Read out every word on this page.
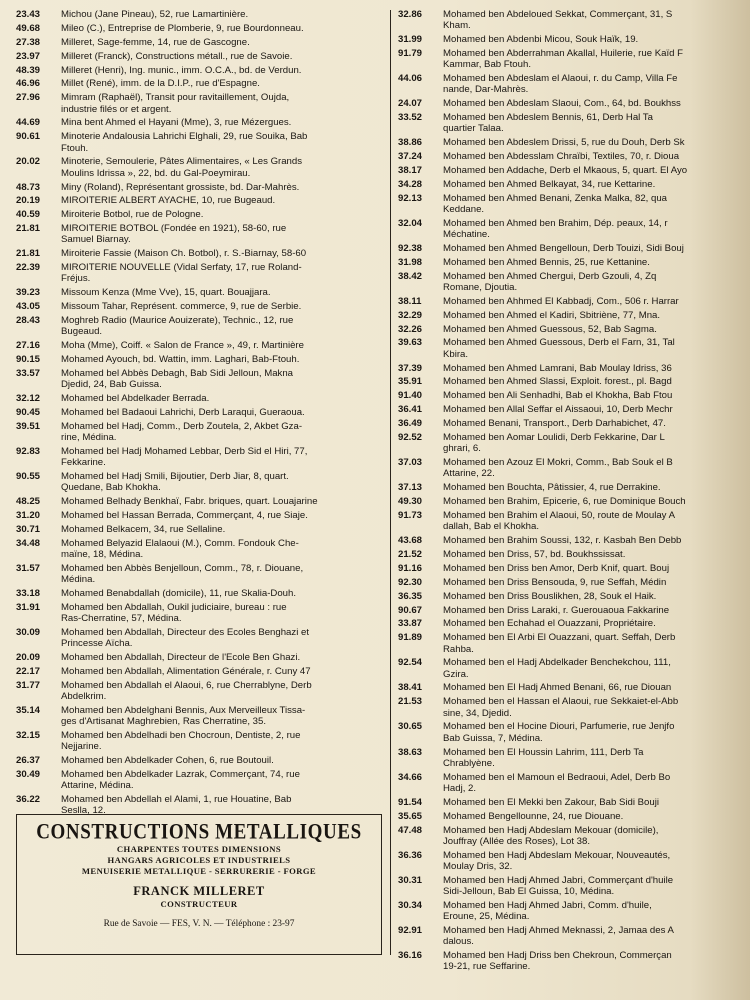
23.43	Michou (Jane Pineau), 52, rue Lamartinière.
49.68	Mileo (C.), Entreprise de Plomberie, 9, rue Bourdonneau.
27.38	Milleret, Sage-femme, 14, rue de Gascogne.
23.97	Milleret (Franck), Constructions métall., rue de Savoie.
48.39	Milleret (Henri), Ing. munic., imm. O.C.A., bd. de Verdun.
46.96	Millet (René), imm. de la D.I.P., rue d'Espagne.
27.96	Mimram (Raphaël), Transit pour ravitaillement, Oujda,
industrie filés or et argent.
44.69	Mina bent Ahmed el Hayani (Mme), 3, rue Mézergues.
90.61	Minoterie Andalousia Lahrichi Elghali, 29, rue Souika, Bab
Ftouh.
20.02	Minoterie, Semoulerie, Pâtes Alimentaires, « Les Grands
Moulins Idrissa », 22, bd. du Gal-Poeymirau.
48.73	Miny (Roland), Représentant grossiste, bd. Dar-Mahrès.
20.19	MIROITERIE ALBERT AYACHE, 10, rue Bugeaud.
40.59	Miroiterie Botbol, rue de Pologne.
21.81	MIROITERIE BOTBOL (Fondée en 1921), 58-60, rue
Samuel Biarnay.
21.81	Miroiterie Fassie (Maison Ch. Botbol), r. S.-Biarnay, 58-60
22.39	MIROITERIE NOUVELLE (Vidal Serfaty, 17, rue Roland-
Fréjus.
39.23	Missoum Kenza (Mme Vve), 15, quart. Bouajjara.
43.05	Missoum Tahar, Représent. commerce, 9, rue de Serbie.
28.43	Moghreb Radio (Maurice Aouizerate), Technic., 12, rue
Bugeaud.
27.16	Moha (Mme), Coiff. « Salon de France », 49, r. Martinière
90.15	Mohamed Ayouch, bd. Wattin, imm. Laghari, Bab-Ftouh.
33.57	Mohamed bel Abbès Debagh, Bab Sidi Jelloun, Makna
Djedid, 24, Bab Guissa.
32.12	Mohamed bel Abdelkader Berrada.
90.45	Mohamed bel Badaoui Lahrichi, Derb Laraqui, Gueraoua.
39.51	Mohamed bel Hadj, Comm., Derb Zoutela, 2, Akbet Gza-
rine, Médina.
92.83	Mohamed bel Hadj Mohamed Lebbar, Derb Sid el Hiri, 77,
Fekkarine.
90.55	Mohamed bel Hadj Smili, Bijoutier, Derb Jiar, 8, quart.
Quedane, Bab Khokha.
48.25	Mohamed Belhady Benkhaï, Fabr. briques, quart. Louajarine
31.20	Mohamed bel Hassan Berrada, Commerçant, 4, rue Siaje.
30.71	Mohamed Belkacem, 34, rue Sellaline.
34.48	Mohamed Belyazid Elalaoui (M.), Comm. Fondouk Che-
maïne, 18, Médina.
31.57	Mohamed ben Abbès Benjelloun, Comm., 78, r. Diouane,
Médina.
33.18	Mohamed Benabdallah (domicile), 11, rue Skalia-Douh.
31.91	Mohamed ben Abdallah, Oukil judiciaire, bureau : rue
Ras-Cherratine, 57, Médina.
30.09	Mohamed ben Abdallah, Directeur des Ecoles Benghazi et
Princesse Aïcha.
20.09	Mohamed ben Abdallah, Directeur de l'Ecole Ben Ghazi.
22.17	Mohamed ben Abdallah, Alimentation Générale, r. Cuny 47
31.77	Mohamed ben Abdallah el Alaoui, 6, rue Cherrablyne, Derb
Abdelkrim.
35.14	Mohamed ben Abdelghani Bennis, Aux Merveilleux Tissa-
ges d'Artisanat Maghrebien, Ras Cherratine, 35.
32.15	Mohamed ben Abdelhadi ben Chocroun, Dentiste, 2, rue
Nejjarine.
26.37	Mohamed ben Abdelkader Cohen, 6, rue Boutouil.
30.49	Mohamed ben Abdelkader Lazrak, Commerçant, 74, rue
Attarine, Médina.
36.22	Mohamed ben Abdellah el Alami, 1, rue Houatine, Bab
Seslla, 12.
32.86	Mohamed ben Abdeloued Sekkat, Commerçant, 31, S
Kham.
31.99	Mohamed ben Abdenbi Micou, Souk Haïk, 19.
91.79	Mohamed ben Abderrahman Akallal, Huilerie, rue Kaïd F
Kammar, Bab Ftouh.
44.06	Mohamed ben Abdeslam el Alaoui, r. du Camp, Villa Fe
nande, Dar-Mahrès.
24.07	Mohamed ben Abdeslam Slaoui, Com., 64, bd. Boukhss
33.52	Mohamed ben Abdeslem Bennis, 61, Derb Hal Ta
quartier Talaa.
38.86	Mohamed ben Abdeslem Drissi, 5, rue du Douh, Derb Sk
37.24	Mohamed ben Abdesslam Chraïbi, Textiles, 70, r. Dioua
38.17	Mohamed ben Addache, Derb el Mkaous, 5, quart. El Ayo
34.28	Mohamed ben Ahmed Belkayat, 34, rue Kettarine.
92.13	Mohamed ben Ahmed Benani, Zenka Malka, 82, qua
Keddane.
32.04	Mohamed ben Ahmed ben Brahim, Dép. peaux, 14, r
Méchatine.
92.38	Mohamed ben Ahmed Bengelloun, Derb Touizi, Sidi Bouj
31.98	Mohamed ben Ahmed Bennis, 25, rue Kettanine.
38.42	Mohamed ben Ahmed Chergui, Derb Gzouli, 4, Zq
Romane, Djoutia.
38.11	Mohamed ben Ahhmed El Kabbadj, Com., 506 r. Harrar
32.29	Mohamed ben Ahmed el Kadiri, Sbitriène, 77, Mna.
32.26	Mohamed ben Ahmed Guessous, 52, Bab Sagma.
39.63	Mohamed ben Ahmed Guessous, Derb el Farn, 31, Tal
Kbira.
37.39	Mohamed ben Ahmed Lamrani, Bab Moulay Idriss, 36
35.91	Mohamed ben Ahmed Slassi, Exploit. forest., pl. Bagd
91.40	Mohamed ben Ali Senhadhi, Bab el Khokha, Bab Ftou
36.41	Mohamed ben Allal Seffar el Aissaoui, 10, Derb Mechr
36.49	Mohamed Benani, Transport., Derb Darhabichet, 47.
92.52	Mohamed ben Aomar Loulidi, Derb Fekkarine, Dar L
ghrari, 6.
37.03	Mohamed ben Azouz El Mokri, Comm., Bab Souk el B
Attarine, 22.
37.13	Mohamed ben Bouchta, Pâtissier, 4, rue Derrakine.
49.30	Mohamed ben Brahim, Epicerie, 6, rue Dominique Bouch
91.73	Mohamed ben Brahim el Alaoui, 50, route de Moulay A
dallah, Bab el Khokha.
43.68	Mohamed ben Brahim Soussi, 132, r. Kasbah Ben Debb
21.52	Mohamed ben Driss, 57, bd. Boukhssissat.
91.16	Mohamed ben Driss ben Amor, Derb Knif, quart. Bouj
92.30	Mohamed ben Driss Bensouda, 9, rue Seffah, Médin
36.35	Mohamed ben Driss Bouslikhen, 28, Souk el Haik.
90.67	Mohamed ben Driss Laraki, r. Guerouaoua Fakkarine
33.87	Mohamed ben Echahad el Ouazzani, Propriétaire.
91.89	Mohamed ben El Arbi El Ouazzani, quart. Seffah, Derb
Rahba.
92.54	Mohamed ben el Hadj Abdelkader Benchekchou, 111,
Gzira.
38.41	Mohamed ben El Hadj Ahmed Benani, 66, rue Diouan
21.53	Mohamed ben el Hassan el Alaoui, rue Sekkaiet-el-Abb
sine, 34, Djedid.
30.65	Mohamed ben el Hocine Diouri, Parfumerie, rue Jenjfo
Bab Guissa, 7, Médina.
38.63	Mohamed ben El Houssin Lahrim, 111, Derb Ta
Chrablyène.
34.66	Mohamed ben el Mamoun el Bedraoui, Adel, Derb Bo
Hadj, 2.
91.54	Mohamed ben El Mekki ben Zakour, Bab Sidi Bouji
35.65	Mohamed Bengellounne, 24, rue Diouane.
47.48	Mohamed ben Hadj Abdeslam Mekouar (domicile),
Jouffray (Allée des Roses), Lot 38.
36.36	Mohamed ben Hadj Abdeslam Mekouar, Nouveautés,
Moulay Dris, 32.
30.31	Mohamed ben Hadj Ahmed Jabri, Commerçant d'huile
Sidi-Jelloun, Bab El Guissa, 10, Médina.
30.34	Mohamed ben Hadj Ahmed Jabri, Comm. d'huile,
Eroune, 25, Médina.
92.91	Mohamed ben Hadj Ahmed Meknassi, 2, Jamaa des A
dalous.
36.16	Mohamed ben Hadj Driss ben Chekroun, Commerçan
19-21, rue Seffarine.
CONSTRUCTIONS METALLIQUES
CHARPENTES TOUTES DIMENSIONS
HANGARS AGRICOLES ET INDUSTRIELS
MENUISERIE METALLIQUE - SERRURERIE - FORGE
FRANCK MILLERET
CONSTRUCTEUR
Rue de Savoie — FES, V. N. — Téléphone : 23-97
